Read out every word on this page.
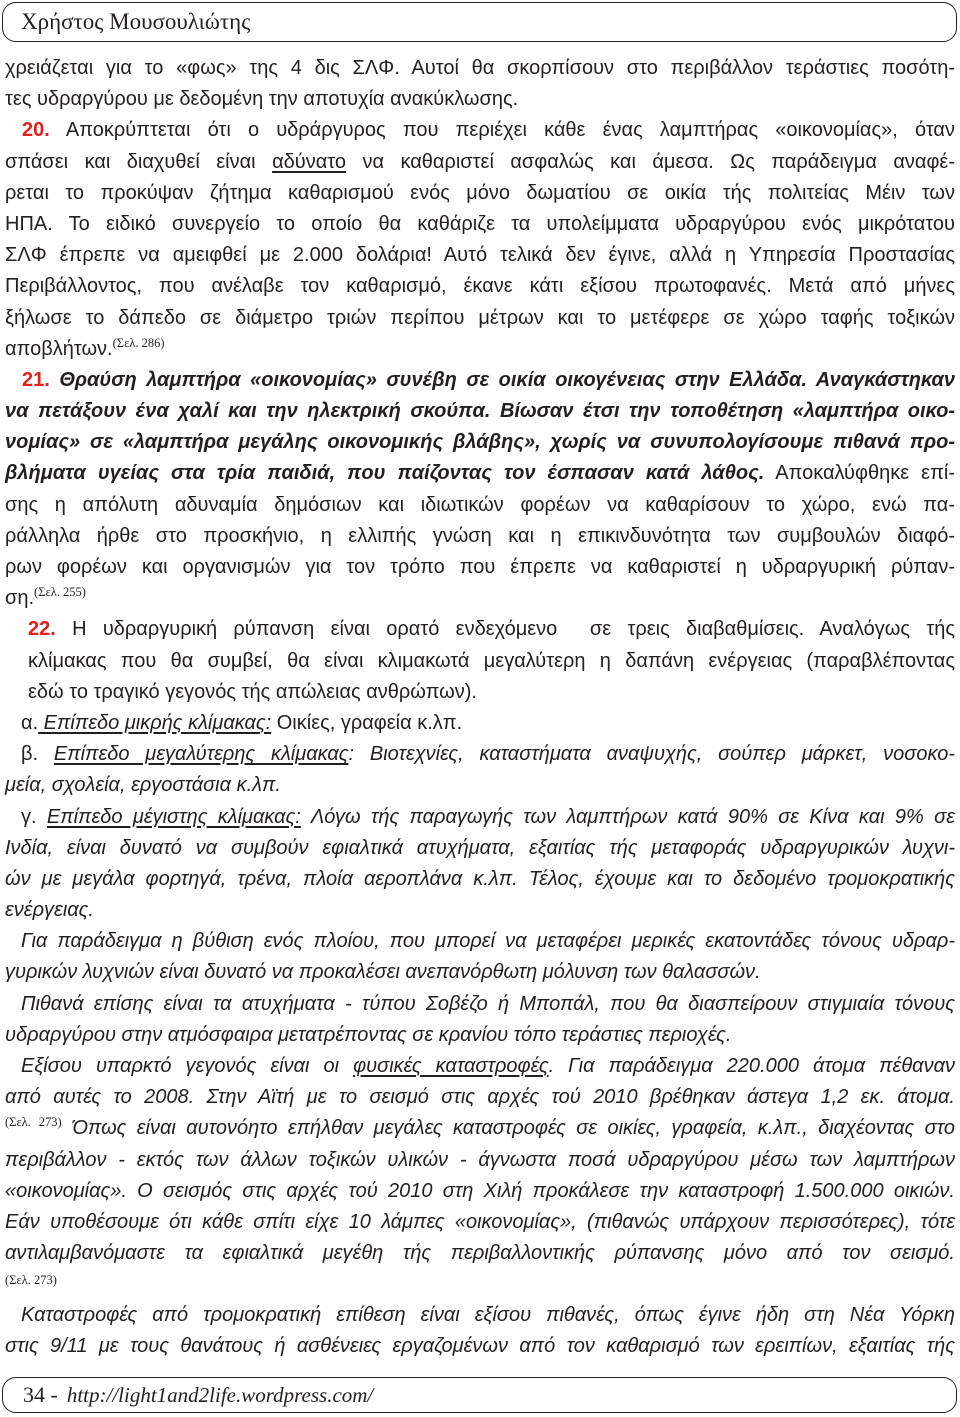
Χρήστος Μουσουλιώτης
χρειάζεται για το «φως» της 4 δις ΣΛΦ. Αυτοί θα σκορπίσουν στο περιβάλλον τεράστιες ποσότη-
τες υδραργύρου με δεδομένη την αποτυχία ανακύκλωσης.
20. Αποκρύπτεται ότι ο υδράργυρος που περιέχει κάθε ένας λαμπτήρας «οικονομίας», όταν
σπάσει και διαχυθεί είναι αδύνατο να καθαριστεί ασφαλώς και άμεσα. Ως παράδειγμα αναφέ-
ρεται το προκύψαν ζήτημα καθαρισμού ενός μόνο δωματίου σε οικία τής πολιτείας Μέιν των
ΗΠΑ. Το ειδικό συνεργείο το οποίο θα καθάριζε τα υπολείμματα υδραργύρου ενός μικρότατου
ΣΛΦ έπρεπε να αμειφθεί με 2.000 δολάρια! Αυτό τελικά δεν έγινε, αλλά η Υπηρεσία Προστασίας
Περιβάλλοντος, που ανέλαβε τον καθαρισμό, έκανε κάτι εξίσου πρωτοφανές. Μετά από μήνες
ξήλωσε το δάπεδο σε διάμετρο τριών περίπου μέτρων και το μετέφερε σε χώρο ταφής τοξικών
αποβλήτων.$^{(\Sigma\varepsilon\lambda. 286)}$
21. Θραύση λαμπτήρα «οικονομίας» συνέβη σε οικία οικογένειας στην Ελλάδα. Αναγκάστηκαν
να πετάξουν ένα χαλί και την ηλεκτρική σκούπα. Βίωσαν έτσι την τοποθέτηση «λαμπτήρα οικο-
νομίας» σε «λαμπτήρα μεγάλης οικονομικής βλάβης», χωρίς να συνυπολογίσουμε πιθανά προ-
βλήματα υγείας στα τρία παιδιά, που παίζοντας τον έσπασαν κατά λάθος. Αποκαλύφθηκε επί-
σης η απόλυτη αδυναμία δημόσιων και ιδιωτικών φορέων να καθαρίσουν το χώρο, ενώ πα-
ράλληλα ήρθε στο προσκήνιο, η ελλιπής γνώση και η επικινδυνότητα των συμβουλών διαφό-
ρων φορέων και οργανισμών για τον τρόπο που έπρεπε να καθαριστεί η υδραργυρική ρύπαν-
ση.$^{(\Sigma\varepsilon\lambda. 255)}$
22. Η υδραργυρική ρύπανση είναι ορατό ενδεχόμενο  σε τρεις διαβαθμίσεις. Αναλόγως τής
κλίμακας που θα συμβεί, θα είναι κλιμακωτά μεγαλύτερη η δαπάνη ενέργειας (παραβλέποντας
εδώ το τραγικό γεγονός τής απώλειας ανθρώπων).
α. Επίπεδο μικρής κλίμακας: Οικίες, γραφεία κ.λπ.
β. Επίπεδο μεγαλύτερης κλίμακας: Βιοτεχνίες, καταστήματα αναψυχής, σούπερ μάρκετ, νοσοκο-
μεία, σχολεία, εργοστάσια κ.λπ.
γ. Επίπεδο μέγιστης κλίμακας: Λόγω τής παραγωγής των λαμπτήρων κατά 90% σε Κίνα και 9% σε
Ινδία, είναι δυνατό να συμβούν εφιαλτικά ατυχήματα, εξαιτίας τής μεταφοράς υδραργυρικών λυχνι-
ών με μεγάλα φορτηγά, τρένα, πλοία αεροπλάνα κ.λπ. Τέλος, έχουμε και το δεδομένο τρομοκρατικής
ενέργειας.
Για παράδειγμα η βύθιση ενός πλοίου, που μπορεί να μεταφέρει μερικές εκατοντάδες τόνους υδραρ-
γυρικών λυχνιών είναι δυνατό να προκαλέσει ανεπανόρθωτη μόλυνση των θαλασσών.
Πιθανά επίσης είναι τα ατυχήματα - τύπου Σοβέζο ή Μποπάλ, που θα διασπείρουν στιγμιαία τόνους
υδραργύρου στην ατμόσφαιρα μετατρέποντας σε κρανίου τόπο τεράστιες περιοχές.
Εξίσου υπαρκτό γεγονός είναι οι φυσικές καταστροφές. Για παράδειγμα 220.000 άτομα πέθαναν
από αυτές το 2008. Στην Αϊτή με το σεισμό στις αρχές τού 2010 βρέθηκαν άστεγα 1,2 εκ. άτομα.
$^{(\Sigma\varepsilon\lambda. 273)}$ Όπως είναι αυτονόητο επήλθαν μεγάλες καταστροφές σε οικίες, γραφεία, κ.λπ., διαχέοντας στο
περιβάλλον - εκτός των άλλων τοξικών υλικών - άγνωστα ποσά υδραργύρου μέσω των λαμπτήρων
«οικονομίας». Ο σεισμός στις αρχές τού 2010 στη Χιλή προκάλεσε την καταστροφή 1.500.000 οικιών.
Εάν υποθέσουμε ότι κάθε σπίτι είχε 10 λάμπες «οικονομίας», (πιθανώς υπάρχουν περισσότερες), τότε
αντιλαμβανόμαστε τα εφιαλτικά μεγέθη τής περιβαλλοντικής ρύπανσης μόνο από τον σεισμό.
(Σελ. 273)
Καταστροφές από τρομοκρατική επίθεση είναι εξίσου πιθανές, όπως έγινε ήδη στη Νέα Υόρκη
στις 9/11 με τους θανάτους ή ασθένειες εργαζομένων από τον καθαρισμό των ερειπίων, εξαιτίας τής
34 - http://light1and2life.wordpress.com/
